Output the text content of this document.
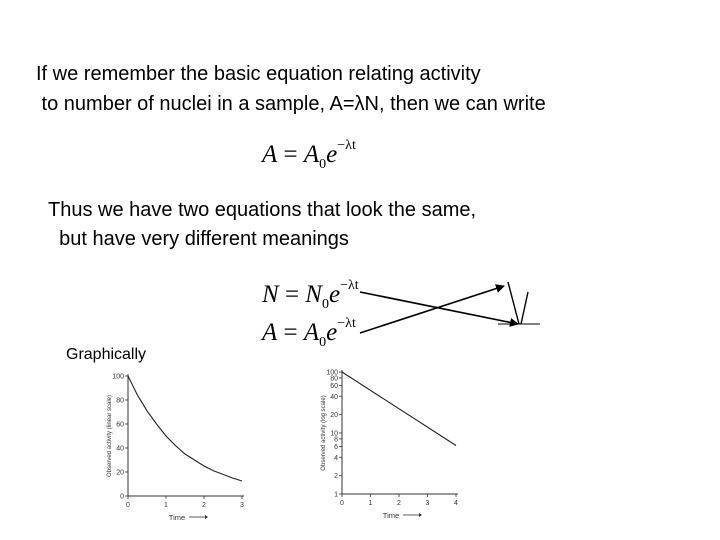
If we remember the basic equation relating activity
to number of nuclei in a sample, A=λN, then we can write
$A = A_0e^{-\lambda t}$
Thus we have two equations that look the same,
but have very different meanings
$N = N_0e^{-\lambda t}$
$A = A_0e^{-\lambda t}$
Graphically
0
20
40
60
80
100
0	1	2	3
Time
Observed activity (linear scale)
1
2
4
6
8
10
20
40
60
80
100
0	1	2	3	4
Time
Observed activity (log scale)
